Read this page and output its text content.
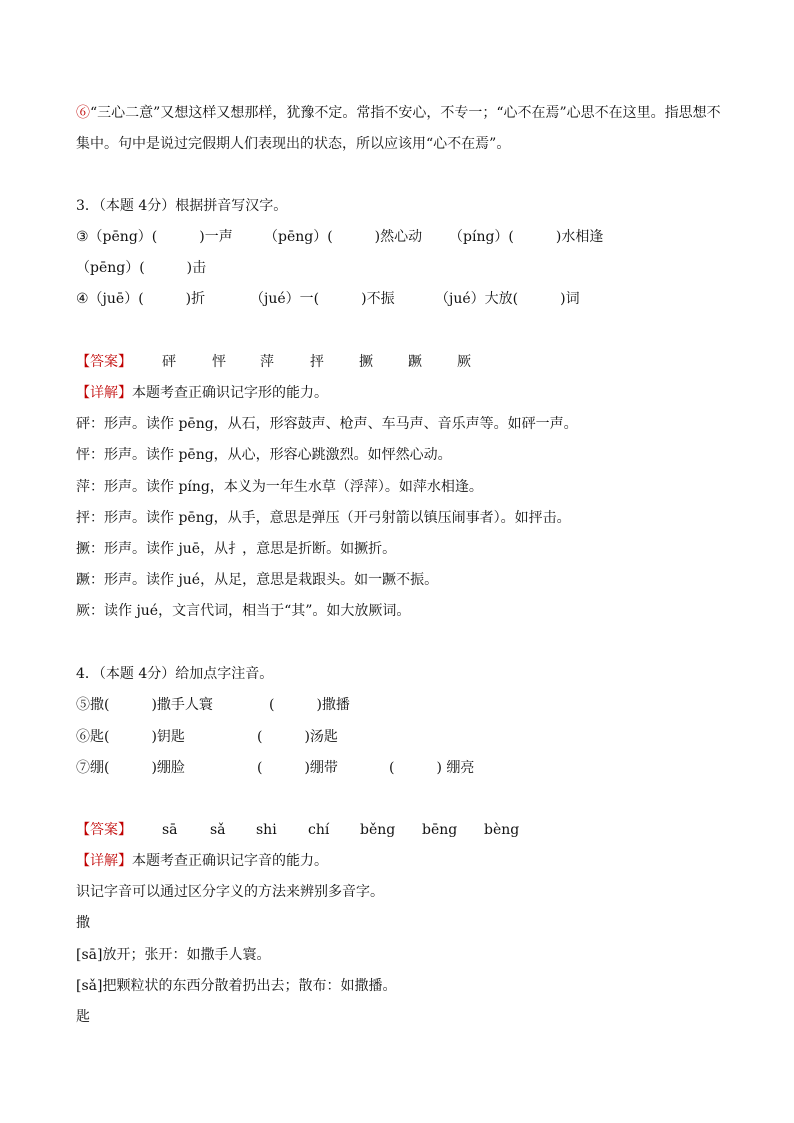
⑥“三心二意”又想这样又想那样，犹豫不定。常指不安心，不专一；“心不在焉”心思不在这里。指思想不
集中。句中是说过完假期人们表现出的状态，所以应该用“心不在焉”。
3．（本题 4分）根据拼音写汉字。
③（pēng）(　　　)一声 （pēng）(　　　)然心动 （píng）(　　　)水相逢
（pēng）(　　　)击
④（juē）(　　　)折	（jué）一(　　　)不振	（jué）大放(　　　)词
【答案】 砰	怦 萍	抨	撅	蹶	厥
【详解】本题考查正确识记字形的能力。
砰：形声。读作 pēng，从石，形容鼓声、枪声、车马声、音乐声等。如砰一声。
怦：形声。读作 pēng，从心，形容心跳激烈。如怦然心动。
萍：形声。读作 píng，本义为一年生水草（浮萍）。如萍水相逢。
抨：形声。读作 pēng，从手，意思是弹压（开弓射箭以镇压闹事者）。如抨击。
撅：形声。读作 juē，从扌，意思是折断。如撅折。
蹶：形声。读作 jué，从足，意思是栽跟头。如一蹶不振。
厥：读作 jué，文言代词，相当于“其”。如大放厥词。
4．（本题 4分）给加点字注音。
⑤撒(　　　)撒手人寰	(　　　)撒播
⑥匙(　　　)钥匙	(　　　)汤匙
⑦绷(　　　)绷脸	(　　　)绷带	(　　　) 绷亮
【答案】 sā sǎ shi chí běng bēng bèng
【详解】本题考查正确识记字音的能力。
识记字音可以通过区分字义的方法来辨别多音字。
撒
[sā]放开；张开：如撒手人寰。
[sǎ]把颗粒状的东西分散着扔出去；散布：如撒播。
匙
